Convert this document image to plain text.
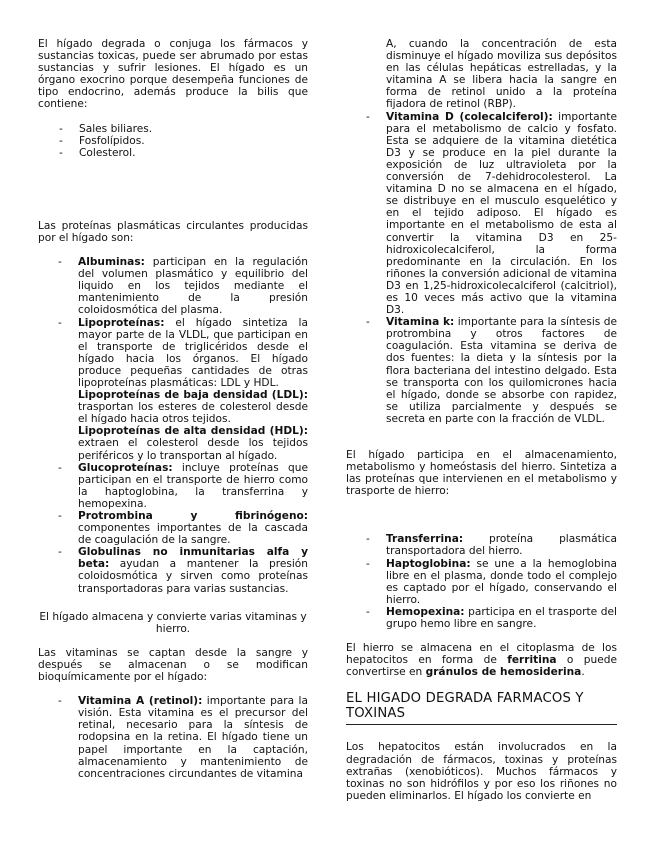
El hígado degrada o conjuga los fármacos y sustancias toxicas, puede ser abrumado por estas sustancias y sufrir lesiones. El hígado es un órgano exocrino porque desempeña funciones de tipo endocrino, además produce la bilis que contiene:

- Sales biliares.
- Fosfolípidos.
- Colesterol.

Las proteínas plasmáticas circulantes producidas por el hígado son:

- Albuminas: participan en la regulación del volumen plasmático y equilibrio del liquido en los tejidos mediante el mantenimiento de la presión coloidosmótica del plasma.
- Lipoproteínas: el hígado sintetiza la mayor parte de la VLDL, que participan en el transporte de triglicéridos desde el hígado hacia los órganos. El hígado produce pequeñas cantidades de otras lipoproteínas plasmáticas: LDL y HDL.
Lipoproteínas de baja densidad (LDL): trasportan los esteres de colesterol desde el hígado hacia otros tejidos.
Lipoproteínas de alta densidad (HDL): extraen el colesterol desde los tejidos periféricos y lo transportan al hígado.
- Glucoproteínas: incluye proteínas que participan en el transporte de hierro como la haptoglobina, la transferrina y hemopexina.
- Protrombina y fibrinógeno: componentes importantes de la cascada de coagulación de la sangre.
- Globulinas no inmunitarias alfa y beta: ayudan a mantener la presión coloidosmótica y sirven como proteínas transportadoras para varias sustancias.

El hígado almacena y convierte varias vitaminas y hierro.

Las vitaminas se captan desde la sangre y después se almacenan o se modifican bioquímicamente por el hígado:

- Vitamina A (retinol): importante para la visión. Esta vitamina es el precursor del retinal, necesario para la síntesis de rodopsina en la retina. El hígado tiene un papel importante en la captación, almacenamiento y mantenimiento de concentraciones circundantes de vitamina
A, cuando la concentración de esta disminuye el hígado moviliza sus depósitos en las células hepáticas estrelladas, y la vitamina A se libera hacia la sangre en forma de retinol unido a la proteína fijadora de retinol (RBP).
- Vitamina D (colecalciferol): importante para el metabolismo de calcio y fosfato. Esta se adquiere de la vitamina dietética D3 y se produce en la piel durante la exposición de luz ultravioleta por la conversión de 7-dehidrocolesterol. La vitamina D no se almacena en el hígado, se distribuye en el musculo esquelético y en el tejido adiposo. El hígado es importante en el metabolismo de esta al convertir la vitamina D3 en 25-hidroxicolecalciferol, la forma predominante en la circulación. En los riñones la conversión adicional de vitamina D3 en 1,25-hidroxicolecalciferol (calcitriol), es 10 veces más activo que la vitamina D3.
- Vitamina k: importante para la síntesis de protrombina y otros factores de coagulación. Esta vitamina se deriva de dos fuentes: la dieta y la síntesis por la flora bacteriana del intestino delgado. Esta se transporta con los quilomicrones hacia el hígado, donde se absorbe con rapidez, se utiliza parcialmente y después se secreta en parte con la fracción de VLDL.

El hígado participa en el almacenamiento, metabolismo y homeóstasis del hierro. Sintetiza a las proteínas que intervienen en el metabolismo y trasporte de hierro:

- Transferrina: proteína plasmática transportadora del hierro.
- Haptoglobina: se une a la hemoglobina libre en el plasma, donde todo el complejo es captado por el hígado, conservando el hierro.
- Hemopexina: participa en el trasporte del grupo hemo libre en sangre.

El hierro se almacena en el citoplasma de los hepatocitos en forma de ferritina o puede convertirse en gránulos de hemosiderina.

EL HIGADO DEGRADA FARMACOS Y TOXINAS

Los hepatocitos están involucrados en la degradación de fármacos, toxinas y proteínas extrañas (xenobióticos). Muchos fármacos y toxinas no son hidrófilos y por eso los riñones no pueden eliminarlos. El hígado los convierte en
